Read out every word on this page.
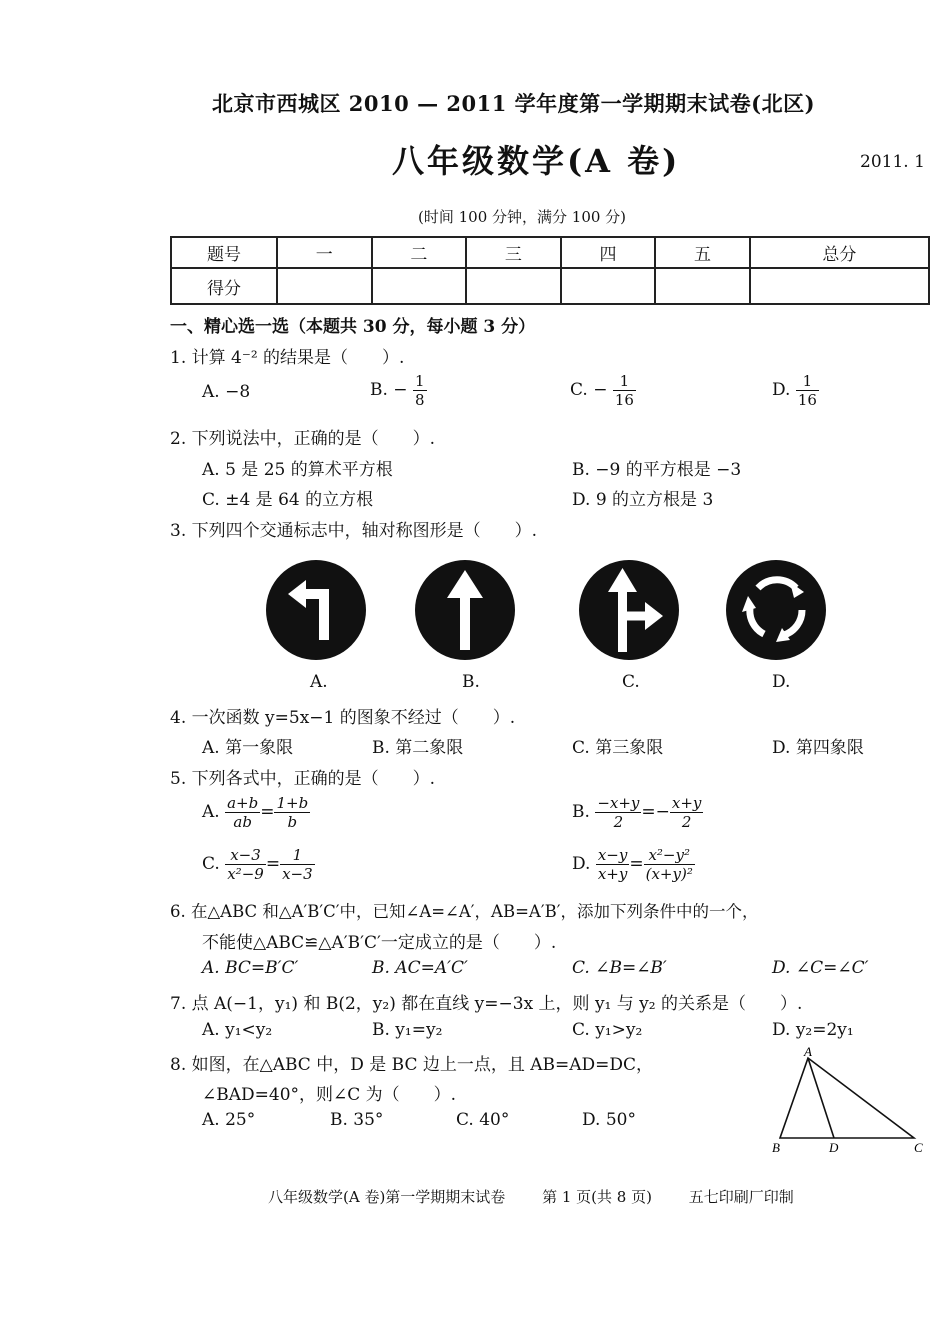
北京市西城区 2010 — 2011 学年度第一学期期末试卷(北区)
八年级数学(A 卷)	2011. 1
(时间 100 分钟，满分 100 分)
题号	一	二	三	四	五	总分
得分						
一、精心选一选（本题共 30 分，每小题 3 分）
1. 计算 4⁻² 的结果是（　　）.
A. −8	B. − $\frac{1}{8}$	C. − $\frac{1}{16}$	D. $\frac{1}{16}$
2. 下列说法中，正确的是（　　）.
A. 5 是 25 的算术平方根	B. −9 的平方根是 −3
C. ±4 是 64 的立方根	D. 9 的立方根是 3
3. 下列四个交通标志中，轴对称图形是（　　）.
A.	B.	C.	D.
4. 一次函数 y=5x−1 的图象不经过（　　）.
A. 第一象限	B. 第二象限	C. 第三象限	D. 第四象限
5. 下列各式中，正确的是（　　）.
A. $\frac{a+b}{ab} = \frac{1+b}{b}$	B. $\frac{-x+y}{2} =- \frac{x+y}{2}$
C. $\frac{x-3}{\text{x²−9}} = \frac{1}{x-3}$	D. $\frac{x-y}{x+y} = \frac{\text{x²−y²}}{\text{(x+y)²}}$
6. 在△ABC 和△A′B′C′中，已知∠A=∠A′，AB=A′B′，添加下列条件中的一个，
不能使△ABC≌△A′B′C′一定成立的是（　　）.
A. BC=B′C′	B. AC=A′C′	C. ∠B=∠B′	D. ∠C=∠C′
7. 点 A(−1，y₁) 和 B(2，y₂) 都在直线 y=−3x 上，则 y₁ 与 y₂ 的关系是（　　）.
A. y₁<y₂	B. y₁=y₂	C. y₁>y₂	D. y₂=2y₁
8. 如图，在△ABC 中，D 是 BC 边上一点，且 AB=AD=DC，
∠BAD=40°，则∠C 为（　　）.
A. 25°	B. 35°	C. 40°	D. 50°
A
B	D	C
八年级数学(A 卷)第一学期期末试卷 第 1 页(共 8 页) 五七印刷厂印制
